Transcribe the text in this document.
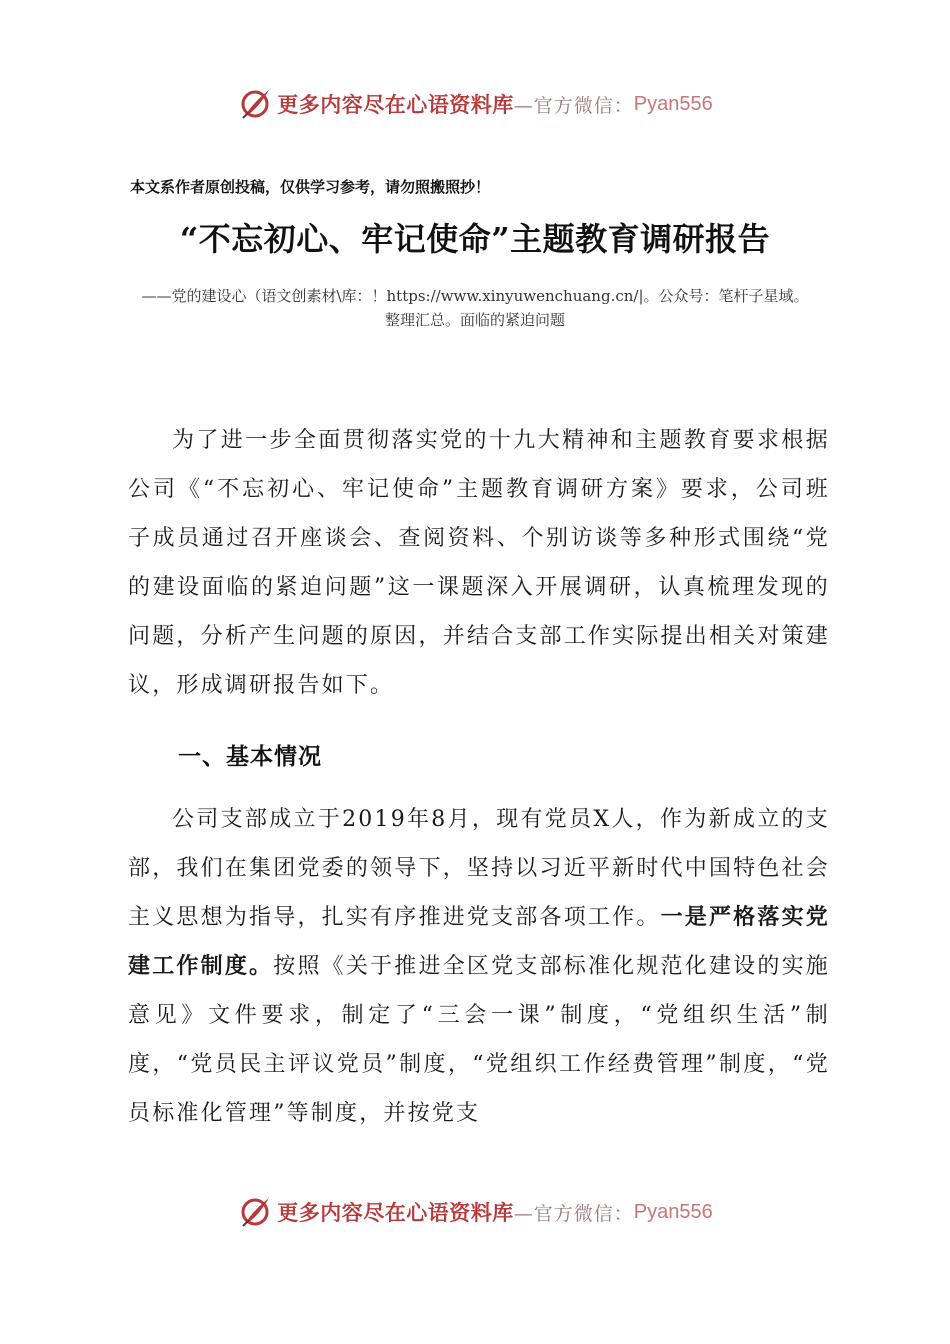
更多内容尽在心语资料库 —官方微信： Pyan556
本文系作者原创投稿，仅供学习参考，请勿照搬照抄！
“不忘初心、牢记使命”主题教育调研报告
——党的建设心（语文创素材\库：！https://www.xinyuwenchuang.cn/|。公众号：笔杆子星域。
整理汇总。面临的紧迫问题

为了进一步全面贯彻落实党的十九大精神和主题教育要求根据公司《“不忘初心、牢记使命”主题教育调研方案》要求，公司班子成员通过召开座谈会、查阅资料、个别访谈等多种形式围绕“党的建设面临的紧迫问题”这一课题深入开展调研，认真梳理发现的问题，分析产生问题的原因，并结合支部工作实际提出相关对策建议，形成调研报告如下。

一、基本情况

公司支部成立于2019年8月，现有党员X人，作为新成立的支部，我们在集团党委的领导下，坚持以习近平新时代中国特色社会主义思想为指导，扎实有序推进党支部各项工作。一是严格落实党建工作制度。按照《关于推进全区党支部标准化规范化建设的实施意见》文件要求，制定了“三会一课”制度，“党组织生活”制度，“党员民主评议党员”制度，“党组织工作经费管理”制度，“党员标准化管理”等制度，并按党支

更多内容尽在心语资料库 —官方微信： Pyan556
